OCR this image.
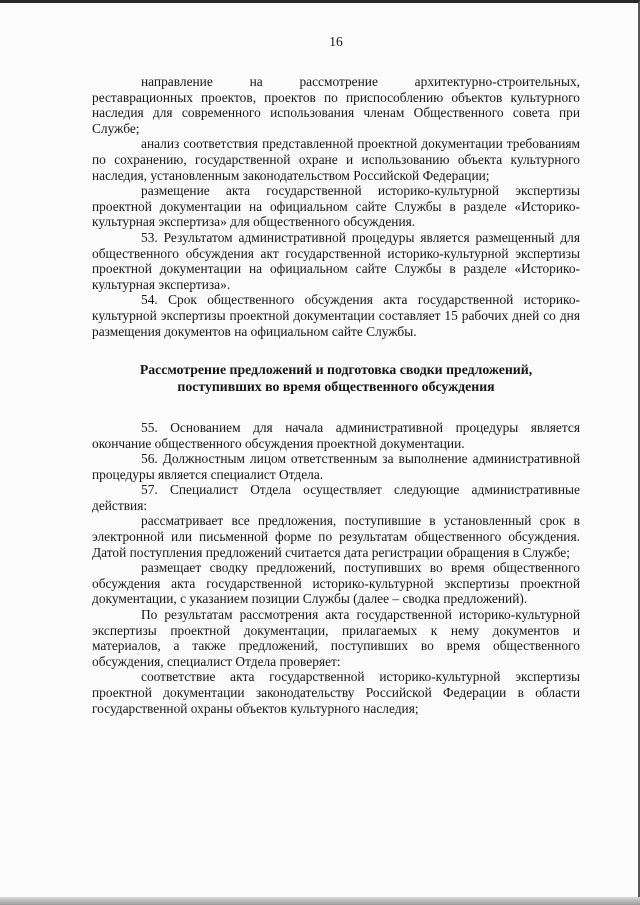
16

направление на рассмотрение архитектурно-строительных, реставрационных проектов, проектов по приспособлению объектов культурного наследия для современного использования членам Общественного совета при Службе;

анализ соответствия представленной проектной документации требованиям по сохранению, государственной охране и использованию объекта культурного наследия, установленным законодательством Российской Федерации;

размещение акта государственной историко-культурной экспертизы проектной документации на официальном сайте Службы в разделе «Историко-культурная экспертиза» для общественного обсуждения.

53. Результатом административной процедуры является размещенный для общественного обсуждения акт государственной историко-культурной экспертизы проектной документации на официальном сайте Службы в разделе «Историко-культурная экспертиза».

54. Срок общественного обсуждения акта государственной историко-культурной экспертизы проектной документации составляет 15 рабочих дней со дня размещения документов на официальном сайте Службы.

Рассмотрение предложений и подготовка сводки предложений,

поступивших во время общественного обсуждения

55. Основанием для начала административной процедуры является окончание общественного обсуждения проектной документации.

56. Должностным лицом ответственным за выполнение административной процедуры является специалист Отдела.

57. Специалист Отдела осуществляет следующие административные действия:

рассматривает все предложения, поступившие в установленный срок в электронной или письменной форме по результатам общественного обсуждения. Датой поступления предложений считается дата регистрации обращения в Службе;

размещает сводку предложений, поступивших во время общественного обсуждения акта государственной историко-культурной экспертизы проектной документации, с указанием позиции Службы (далее – сводка предложений).

По результатам рассмотрения акта государственной историко-культурной экспертизы проектной документации, прилагаемых к нему документов и материалов, а также предложений, поступивших во время общественного обсуждения, специалист Отдела проверяет:

соответствие акта государственной историко-культурной экспертизы проектной документации законодательству Российской Федерации в области государственной охраны объектов культурного наследия;
